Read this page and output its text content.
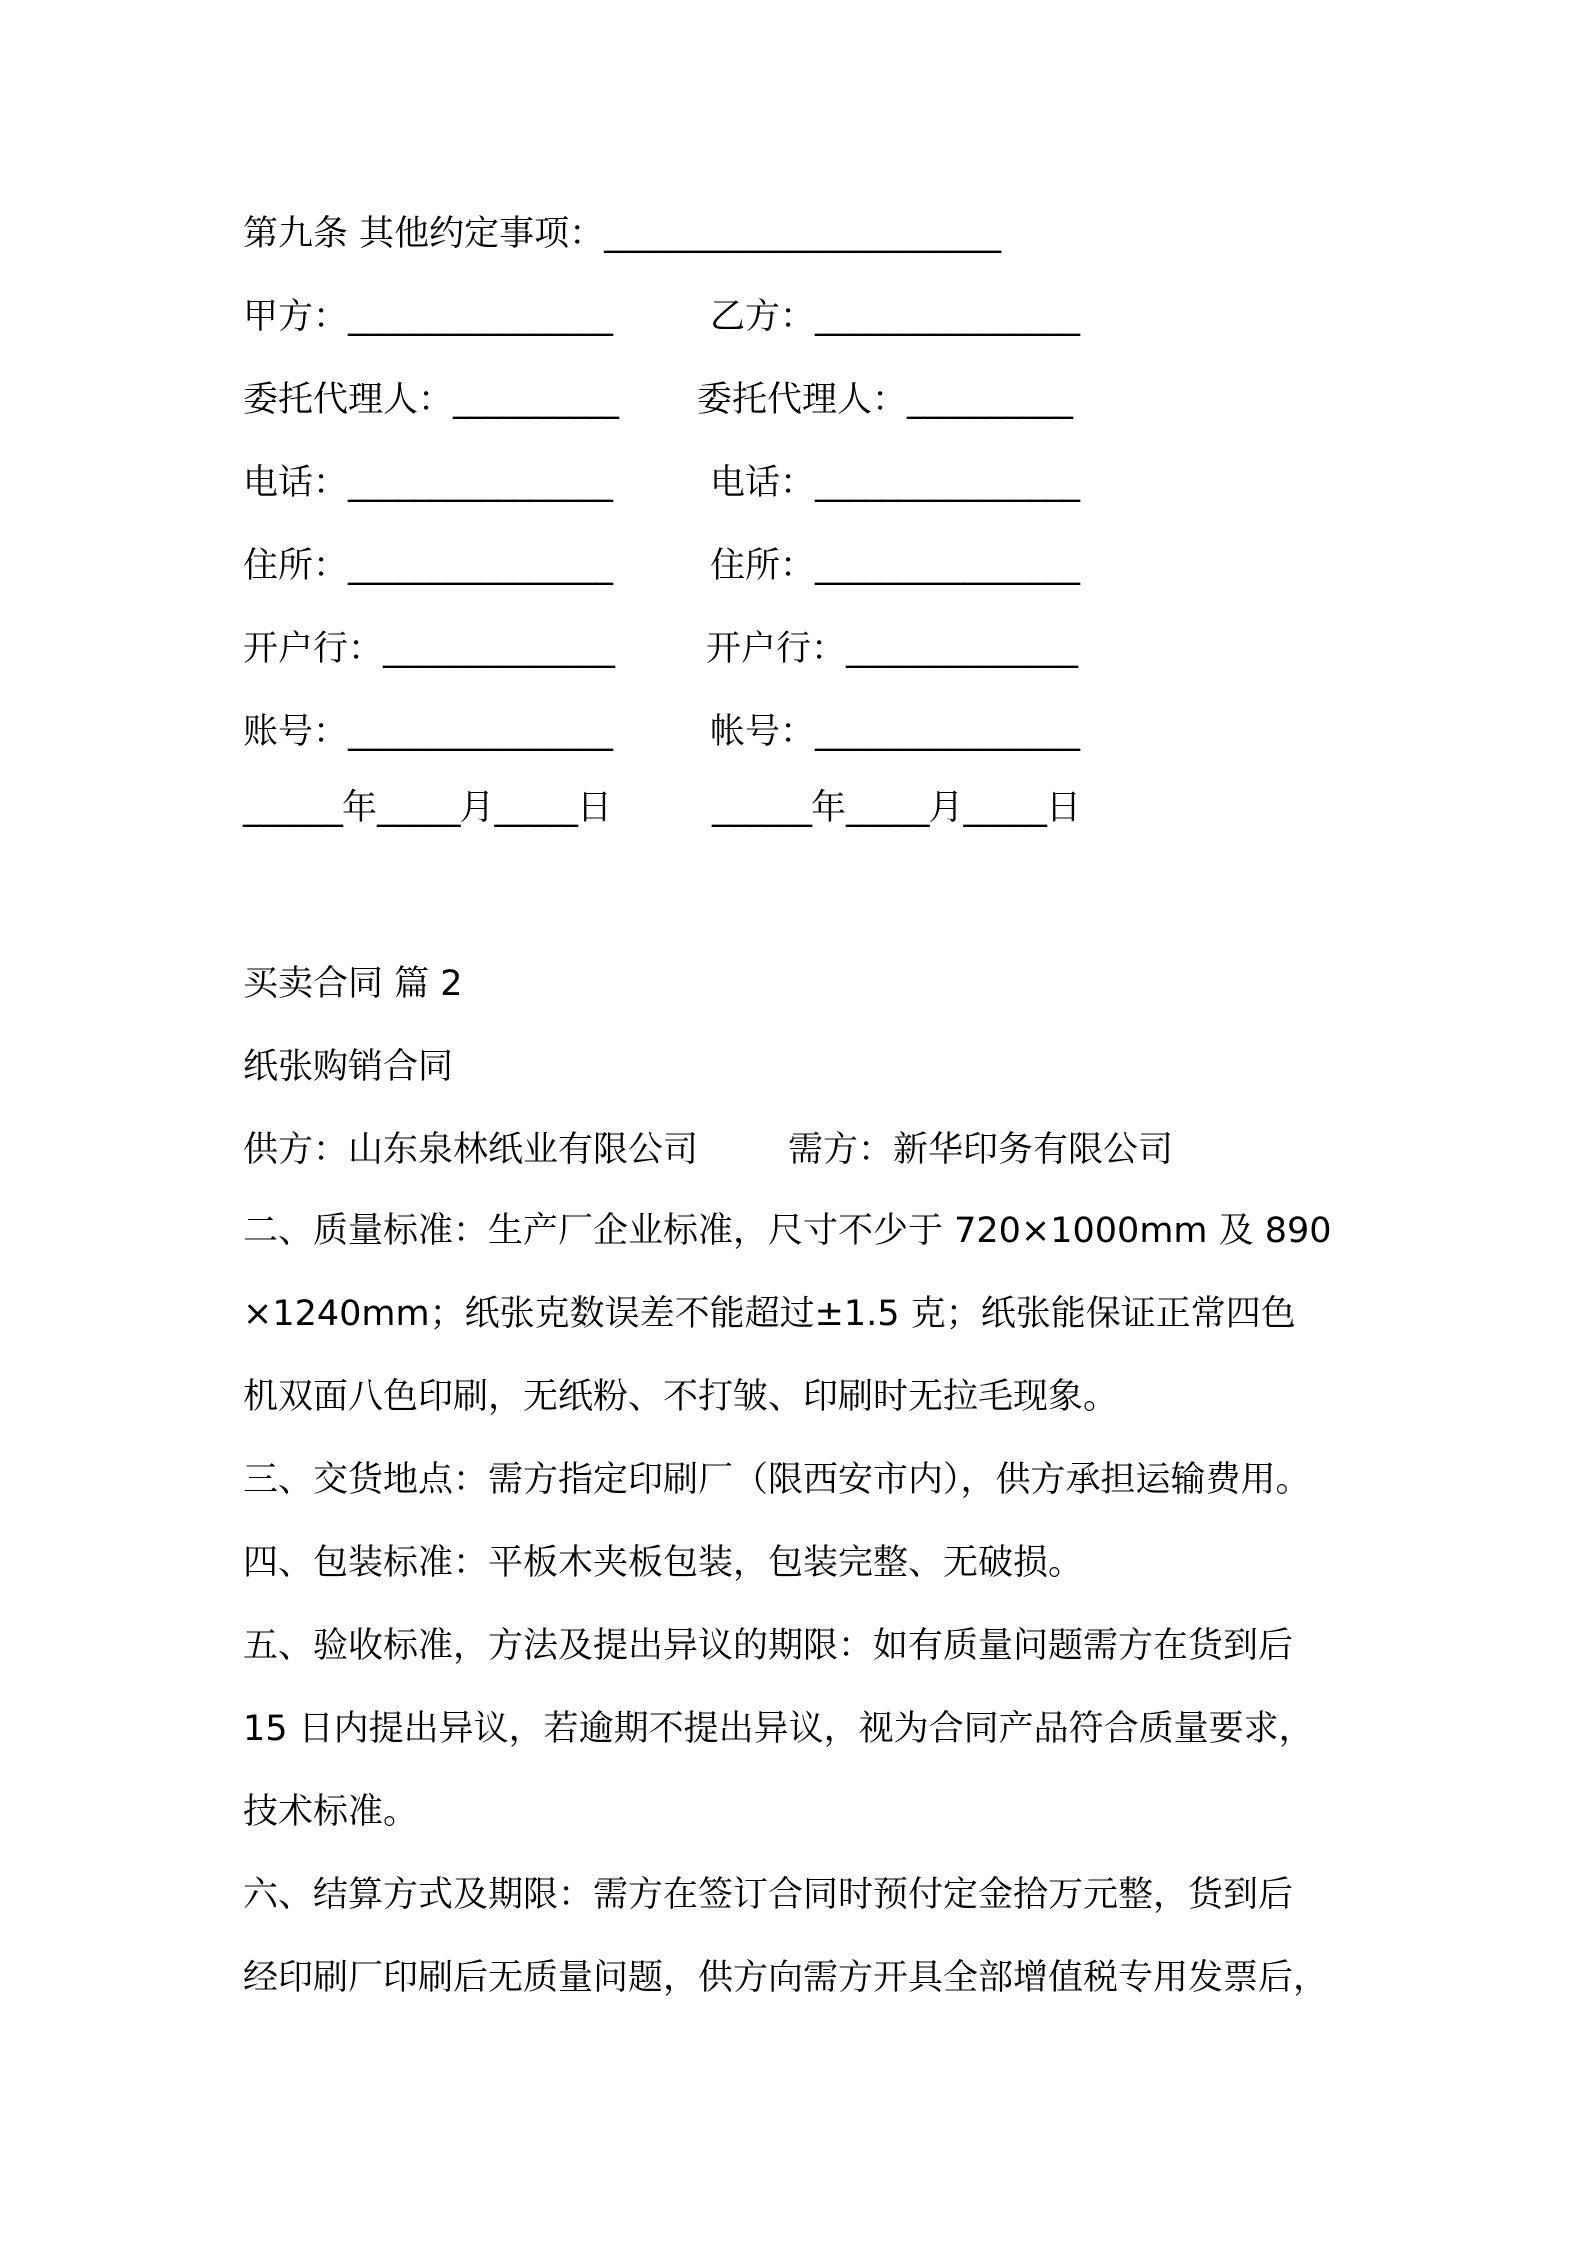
第九条 其他约定事项：________________________
甲方：________________	乙方：________________
委托代理人：__________ 委托代理人：__________
电话：________________	电话：________________
住所：________________	住所：________________
开户行：______________	开户行：______________
账号：________________	帐号：________________
______年_____月_____日	______年_____月_____日
买卖合同 篇 2
纸张购销合同
供方：山东泉林纸业有限公司	需方：新华印务有限公司
二、质量标准：生产厂企业标准，尺寸不少于 720×1000mm 及 890
×1240mm；纸张克数误差不能超过±1.5 克；纸张能保证正常四色
机双面八色印刷，无纸粉、不打皱、印刷时无拉毛现象。
三、交货地点：需方指定印刷厂（限西安市内），供方承担运输费用。
四、包装标准：平板木夹板包装，包装完整、无破损。
五、验收标准，方法及提出异议的期限：如有质量问题需方在货到后
15 日内提出异议，若逾期不提出异议，视为合同产品符合质量要求，
技术标准。
六、结算方式及期限：需方在签订合同时预付定金拾万元整，货到后
经印刷厂印刷后无质量问题，供方向需方开具全部增值税专用发票后，
